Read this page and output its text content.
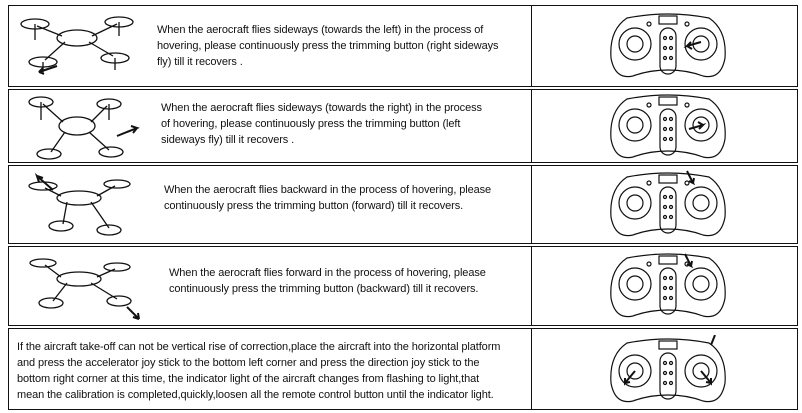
When the aerocraft flies sideways (towards the left) in the process of
hovering, please continuously press the trimming button (right sideways
fly) till it recovers .
When the aerocraft flies sideways (towards the right) in the process
of hovering, please continuously press the trimming button (left
sideways fly) till it recovers .
When the aerocraft flies backward in the process of hovering, please
continuously press the trimming button (forward) till it recovers.
When the aerocraft flies forward in the process of hovering, please
continuously press the trimming button (backward) till it recovers.
If the aircraft take-off can not be vertical rise of correction,place the aircraft into the horizontal platform
and press the accelerator joy stick to the bottom left corner and press the direction joy stick to the
bottom right corner at this time, the indicator light of the aircraft changes from flashing to light,that
mean the calibration is completed,quickly,loosen all the remote control button until the indicator light.
